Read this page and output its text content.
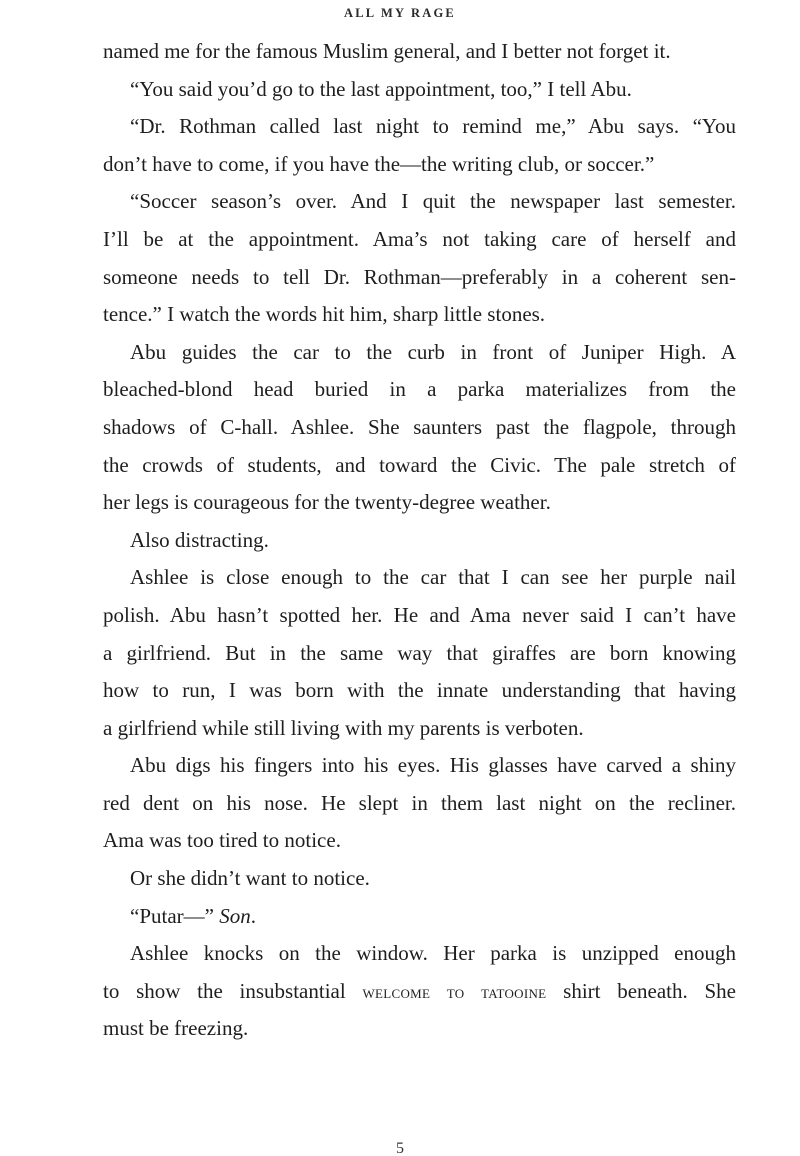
ALL MY RAGE
named me for the famous Muslim general, and I better not forget it.
“You said you’d go to the last appointment, too,” I tell Abu.
“Dr. Rothman called last night to remind me,” Abu says. “You
don’t have to come, if you have the—the writing club, or soccer.”
“Soccer season’s over. And I quit the newspaper last semester.
I’ll be at the appointment. Ama’s not taking care of herself and
someone needs to tell Dr. Rothman—preferably in a coherent sen-
tence.” I watch the words hit him, sharp little stones.
Abu guides the car to the curb in front of Juniper High. A
bleached-blond head buried in a parka materializes from the
shadows of C-hall. Ashlee. She saunters past the flagpole, through
the crowds of students, and toward the Civic. The pale stretch of
her legs is courageous for the twenty-degree weather.
Also distracting.
Ashlee is close enough to the car that I can see her purple nail
polish. Abu hasn’t spotted her. He and Ama never said I can’t have
a girlfriend. But in the same way that giraffes are born knowing
how to run, I was born with the innate understanding that having
a girlfriend while still living with my parents is verboten.
Abu digs his fingers into his eyes. His glasses have carved a shiny
red dent on his nose. He slept in them last night on the recliner.
Ama was too tired to notice.
Or she didn’t want to notice.
“Putar—” Son.
Ashlee knocks on the window. Her parka is unzipped enough
to show the insubstantial welcome to tatooine shirt beneath. She
must be freezing.
5
